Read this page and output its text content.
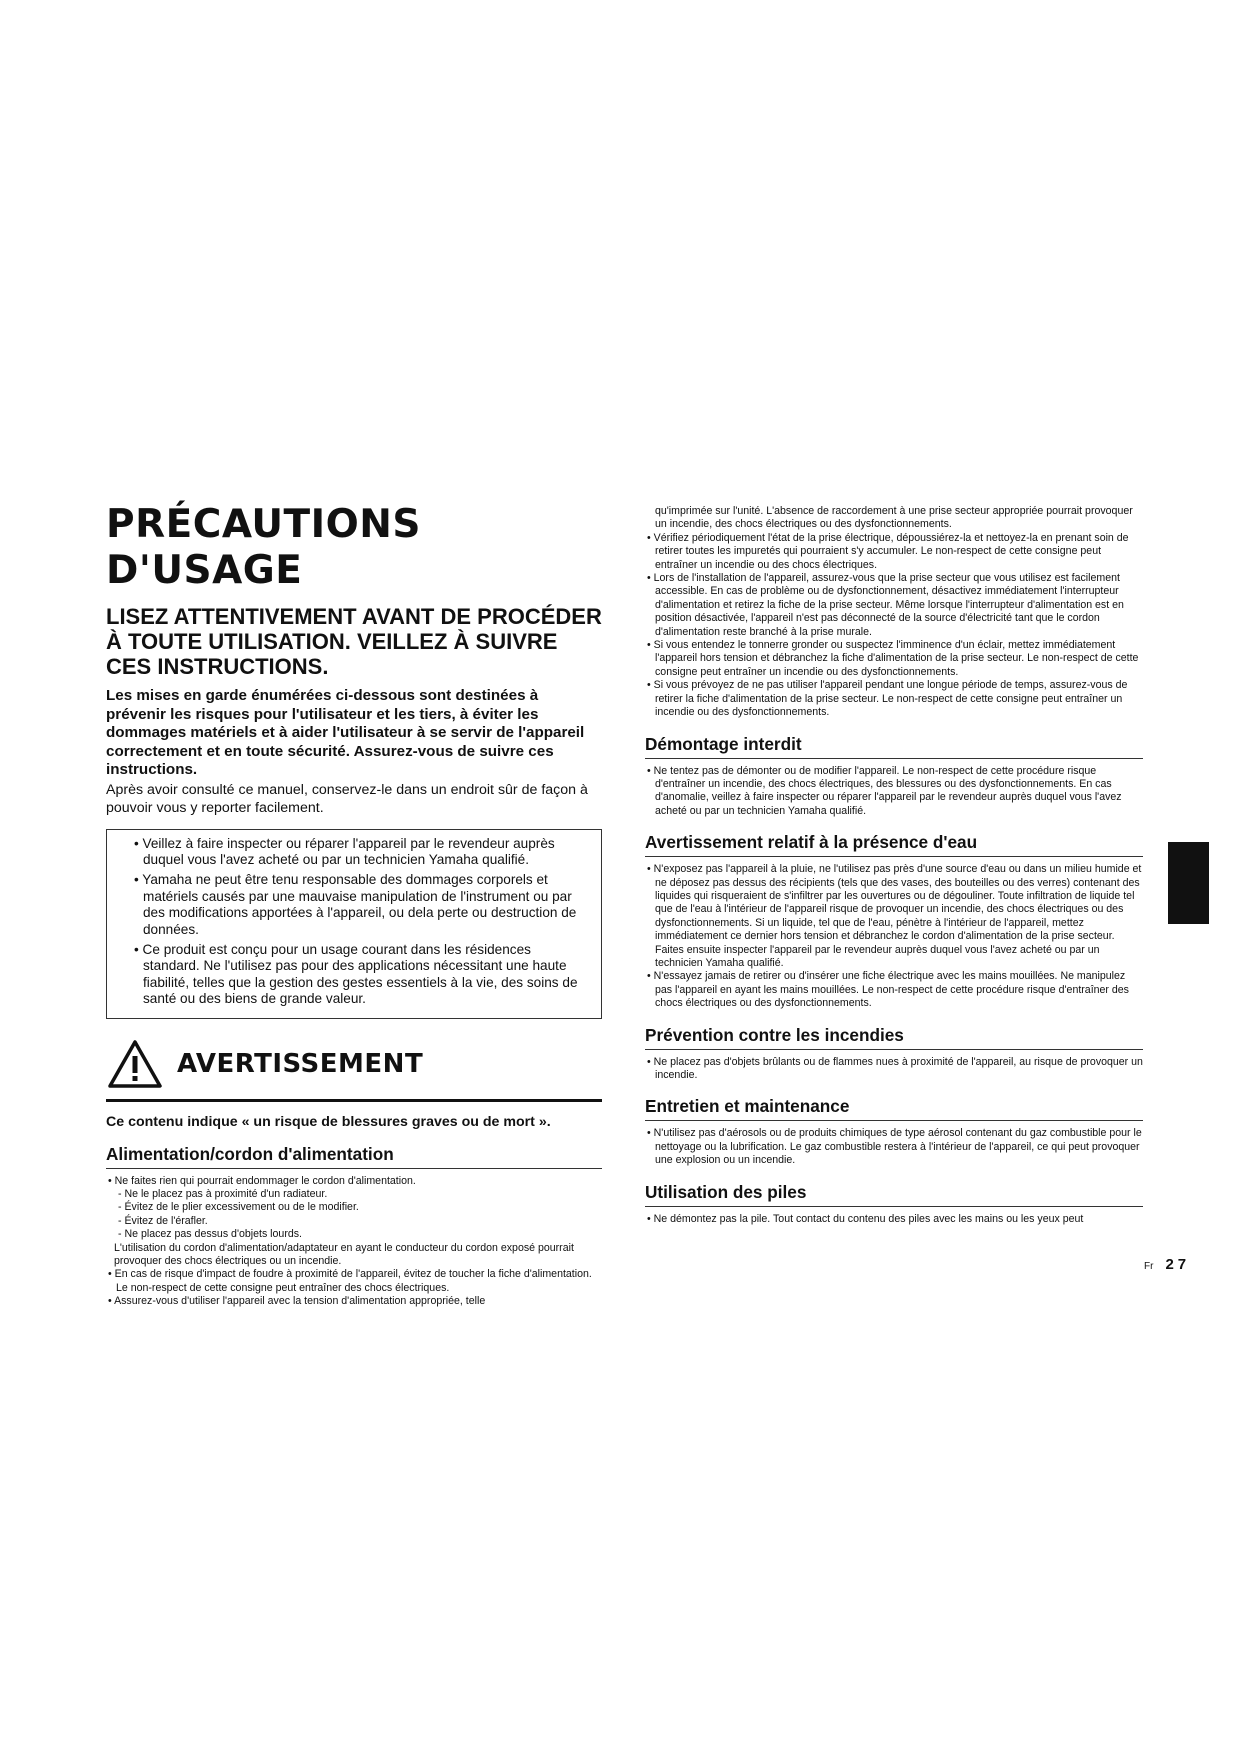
PRÉCAUTIONS D'USAGE
LISEZ ATTENTIVEMENT AVANT DE PROCÉDER À TOUTE UTILISATION. VEILLEZ À SUIVRE CES INSTRUCTIONS.

Les mises en garde énumérées ci-dessous sont destinées à prévenir les risques pour l'utilisateur et les tiers, à éviter les dommages matériels et à aider l'utilisateur à se servir de l'appareil correctement et en toute sécurité. Assurez-vous de suivre ces instructions.

Après avoir consulté ce manuel, conservez-le dans un endroit sûr de façon à pouvoir vous y reporter facilement.

• Veillez à faire inspecter ou réparer l'appareil par le revendeur auprès duquel vous l'avez acheté ou par un technicien Yamaha qualifié.
• Yamaha ne peut être tenu responsable des dommages corporels et matériels causés par une mauvaise manipulation de l'instrument ou par des modifications apportées à l'appareil, ou dela perte ou destruction de données.
• Ce produit est conçu pour un usage courant dans les résidences standard. Ne l'utilisez pas pour des applications nécessitant une haute fiabilité, telles que la gestion des gestes essentiels à la vie, des soins de santé ou des biens de grande valeur.
AVERTISSEMENT

Ce contenu indique « un risque de blessures graves ou de mort ».

Alimentation/cordon d'alimentation
• Ne faites rien qui pourrait endommager le cordon d'alimentation.
- Ne le placez pas à proximité d'un radiateur.
- Évitez de le plier excessivement ou de le modifier.
- Évitez de l'érafler.
- Ne placez pas dessus d'objets lourds.
L'utilisation du cordon d'alimentation/adaptateur en ayant le conducteur du cordon exposé pourrait provoquer des chocs électriques ou un incendie.
• En cas de risque d'impact de foudre à proximité de l'appareil, évitez de toucher la fiche d'alimentation. Le non-respect de cette consigne peut entraîner des chocs électriques.
• Assurez-vous d'utiliser l'appareil avec la tension d'alimentation appropriée, telle
qu'imprimée sur l'unité. L'absence de raccordement à une prise secteur appropriée pourrait provoquer un incendie, des chocs électriques ou des dysfonctionnements.
• Vérifiez périodiquement l'état de la prise électrique, dépoussiérez-la et nettoyez-la en prenant soin de retirer toutes les impuretés qui pourraient s'y accumuler. Le non-respect de cette consigne peut entraîner un incendie ou des chocs électriques.
• Lors de l'installation de l'appareil, assurez-vous que la prise secteur que vous utilisez est facilement accessible. En cas de problème ou de dysfonctionnement, désactivez immédiatement l'interrupteur d'alimentation et retirez la fiche de la prise secteur. Même lorsque l'interrupteur d'alimentation est en position désactivée, l'appareil n'est pas déconnecté de la source d'électricité tant que le cordon d'alimentation reste branché à la prise murale.
• Si vous entendez le tonnerre gronder ou suspectez l'imminence d'un éclair, mettez immédiatement l'appareil hors tension et débranchez la fiche d'alimentation de la prise secteur. Le non-respect de cette consigne peut entraîner un incendie ou des dysfonctionnements.
• Si vous prévoyez de ne pas utiliser l'appareil pendant une longue période de temps, assurez-vous de retirer la fiche d'alimentation de la prise secteur. Le non-respect de cette consigne peut entraîner un incendie ou des dysfonctionnements.
Démontage interdit
• Ne tentez pas de démonter ou de modifier l'appareil. Le non-respect de cette procédure risque d'entraîner un incendie, des chocs électriques, des blessures ou des dysfonctionnements. En cas d'anomalie, veillez à faire inspecter ou réparer l'appareil par le revendeur auprès duquel vous l'avez acheté ou par un technicien Yamaha qualifié.
Avertissement relatif à la présence d'eau
• N'exposez pas l'appareil à la pluie, ne l'utilisez pas près d'une source d'eau ou dans un milieu humide et ne déposez pas dessus des récipients (tels que des vases, des bouteilles ou des verres) contenant des liquides qui risqueraient de s'infiltrer par les ouvertures ou de dégouliner. Toute infiltration de liquide tel que de l'eau à l'intérieur de l'appareil risque de provoquer un incendie, des chocs électriques ou des dysfonctionnements. Si un liquide, tel que de l'eau, pénètre à l'intérieur de l'appareil, mettez immédiatement ce dernier hors tension et débranchez le cordon d'alimentation de la prise secteur. Faites ensuite inspecter l'appareil par le revendeur auprès duquel vous l'avez acheté ou par un technicien Yamaha qualifié.
• N'essayez jamais de retirer ou d'insérer une fiche électrique avec les mains mouillées. Ne manipulez pas l'appareil en ayant les mains mouillées. Le non-respect de cette procédure risque d'entraîner des chocs électriques ou des dysfonctionnements.
Prévention contre les incendies
• Ne placez pas d'objets brûlants ou de flammes nues à proximité de l'appareil, au risque de provoquer un incendie.
Entretien et maintenance
• N'utilisez pas d'aérosols ou de produits chimiques de type aérosol contenant du gaz combustible pour le nettoyage ou la lubrification. Le gaz combustible restera à l'intérieur de l'appareil, ce qui peut provoquer une explosion ou un incendie.
Utilisation des piles
• Ne démontez pas la pile. Tout contact du contenu des piles avec les mains ou les yeux peut
Fr 27
